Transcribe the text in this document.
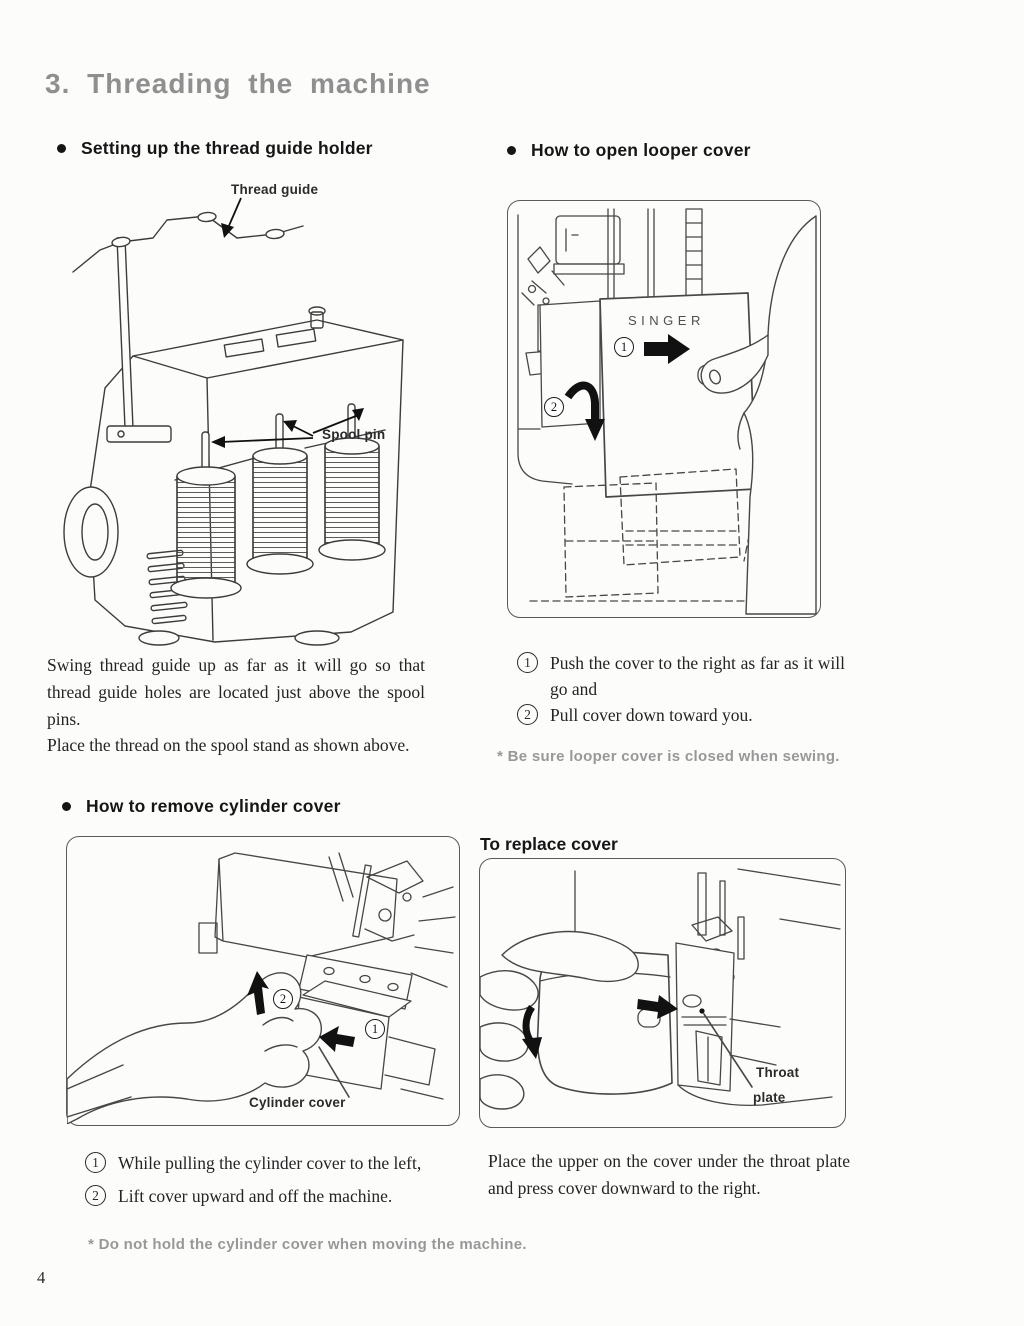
3. Threading the machine
Setting up the thread guide holder	How to open looper cover
Thread guide
Spool pin
SINGER
1
2
Swing thread guide up as far as it will go so that thread guide holes are located just above the spool pins.
Place the thread on the spool stand as shown above.
1	Push the cover to the right as far as it will go and
2	Pull cover down toward you.
* Be sure looper cover is closed when sewing.
How to remove cylinder cover
2
1
Cylinder cover
To replace cover
Throat
plate
1	While pulling the cylinder cover to the left,
2	Lift cover upward and off the machine.
Place the upper on the cover under the throat plate and press cover downward to the right.
* Do not hold the cylinder cover when moving the machine.
4
